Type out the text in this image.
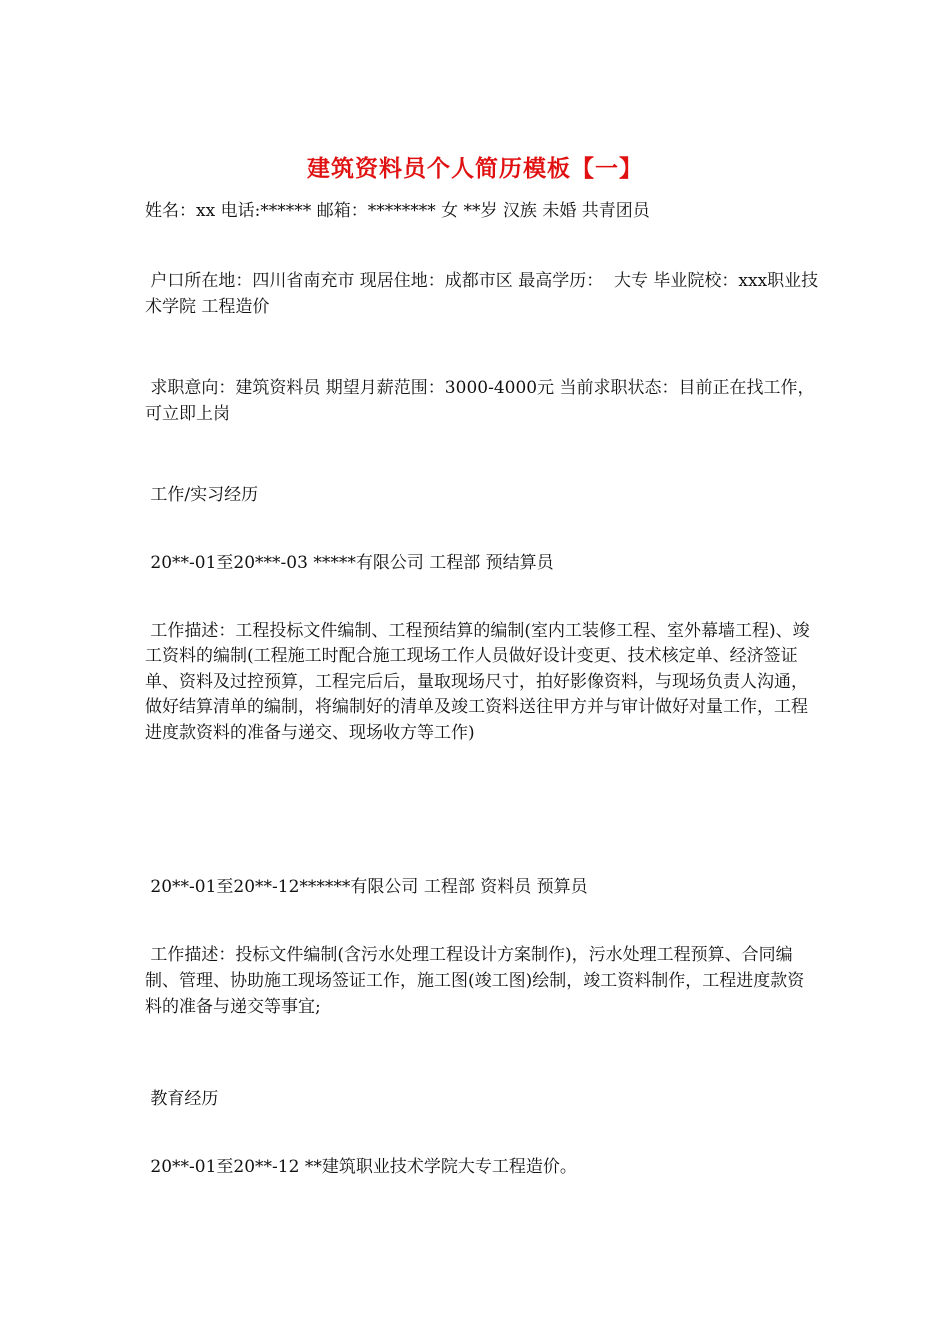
建筑资料员个人简历模板【一】
姓名：xx 电话:****** 邮箱：******** 女 **岁 汉族 未婚 共青团员
户口所在地：四川省南充市 现居住地：成都市区 最高学历：  大专 毕业院校：xxx职业技术学院 工程造价
求职意向：建筑资料员 期望月薪范围：3000-4000元 当前求职状态：目前正在找工作，可立即上岗
工作/实习经历
20**-01至20***-03 *****有限公司 工程部 预结算员
工作描述：工程投标文件编制、工程预结算的编制(室内工装修工程、室外幕墙工程)、竣工资料的编制(工程施工时配合施工现场工作人员做好设计变更、技术核定单、经济签证单、资料及过控预算，工程完后后，量取现场尺寸，拍好影像资料，与现场负责人沟通，做好结算清单的编制，将编制好的清单及竣工资料送往甲方并与审计做好对量工作，工程进度款资料的准备与递交、现场收方等工作)
20**-01至20**-12******有限公司 工程部 资料员 预算员
工作描述：投标文件编制(含污水处理工程设计方案制作)，污水处理工程预算、合同编制、管理、协助施工现场签证工作，施工图(竣工图)绘制，竣工资料制作，工程进度款资料的准备与递交等事宜;
教育经历
20**-01至20**-12 **建筑职业技术学院大专工程造价。
